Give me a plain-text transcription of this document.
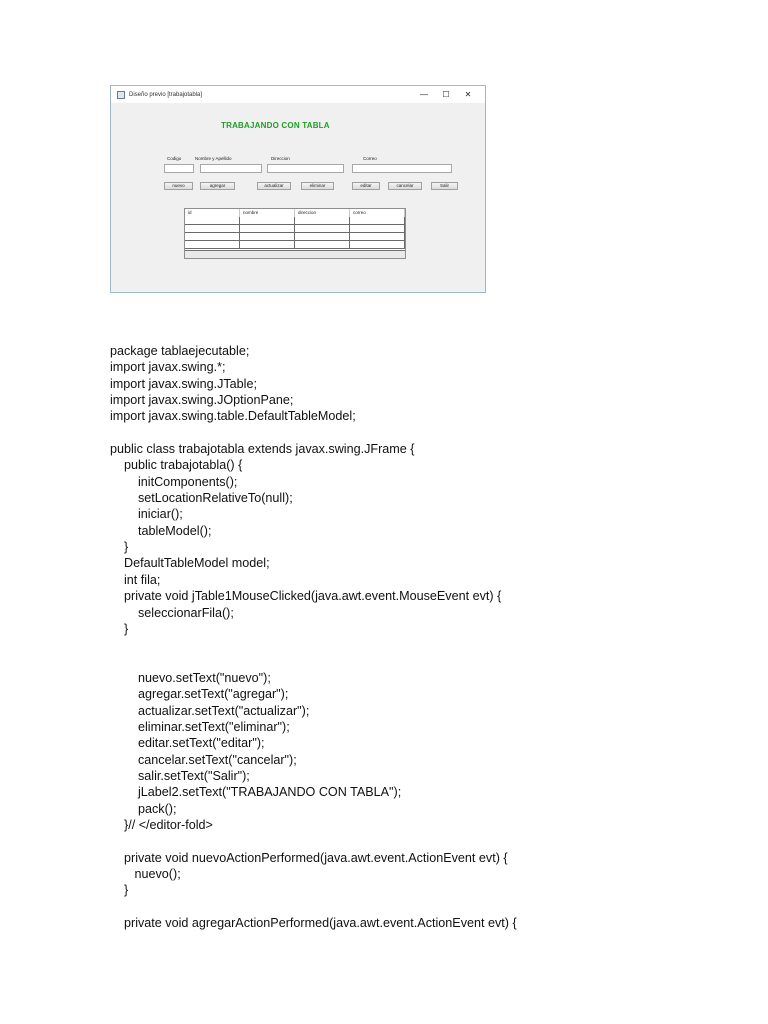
Diseño previo [trabajotabla]	—	☐	✕
TRABAJANDO CON TABLA
Codigo	Nombre y Apellido	Direccion	Correo
nuevo	agregar	actualizar	eliminar	editar	cancelar	Salir
id	nombre	direccion	correo
package tablaejecutable;
import javax.swing.*;
import javax.swing.JTable;
import javax.swing.JOptionPane;
import javax.swing.table.DefaultTableModel;
public class trabajotabla extends javax.swing.JFrame {
public trabajotabla() {
initComponents();
setLocationRelativeTo(null);
iniciar();
tableModel();
}
DefaultTableModel model;
int fila;
private void jTable1MouseClicked(java.awt.event.MouseEvent evt) {
seleccionarFila();
}
nuevo.setText("nuevo");
agregar.setText("agregar");
actualizar.setText("actualizar");
eliminar.setText("eliminar");
editar.setText("editar");
cancelar.setText("cancelar");
salir.setText("Salir");
jLabel2.setText("TRABAJANDO CON TABLA");
pack();
}// </editor-fold>
private void nuevoActionPerformed(java.awt.event.ActionEvent evt) {
nuevo();
}
private void agregarActionPerformed(java.awt.event.ActionEvent evt) {
